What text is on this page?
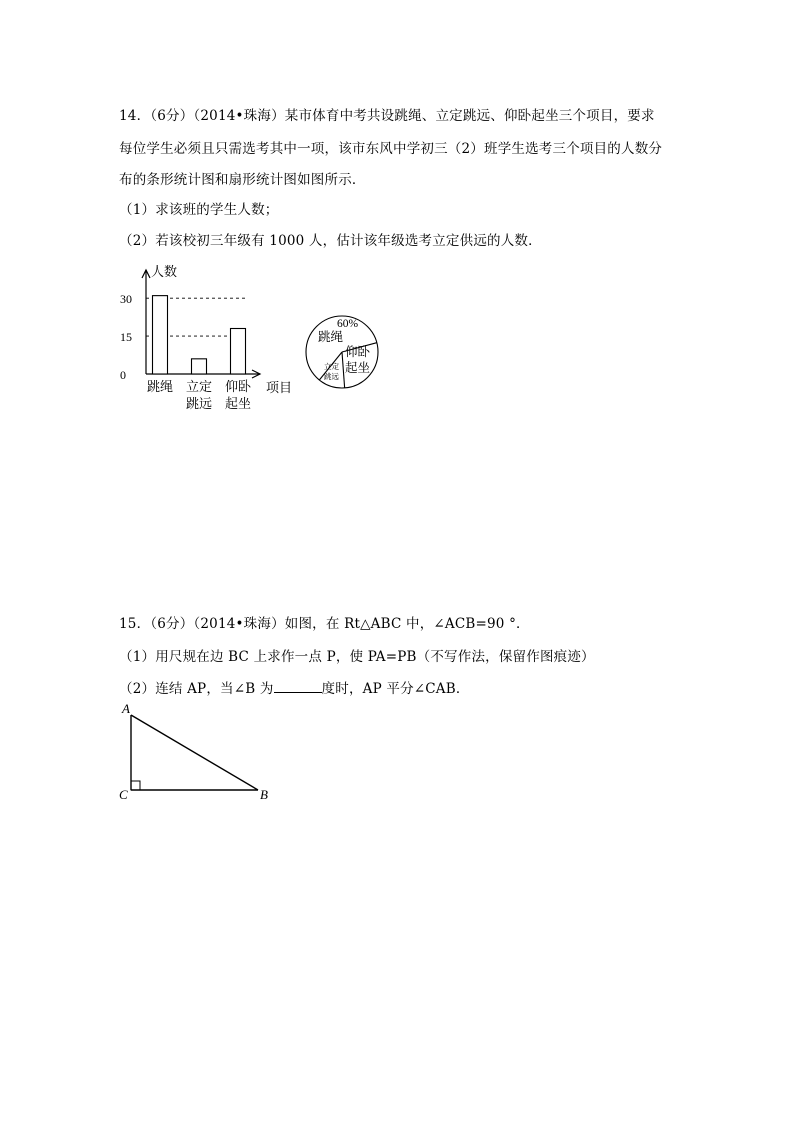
14．（6分）（2014•珠海）某市体育中考共设跳绳、立定跳远、仰卧起坐三个项目，要求
每位学生必须且只需选考其中一项，该市东风中学初三（2）班学生选考三个项目的人数分
布的条形统计图和扇形统计图如图所示．
（1）求该班的学生人数；
（2）若该校初三年级有 1000 人，估计该年级选考立定供远的人数．
人数
项目
30
15
0
跳绳 立定
跳远
仰卧
起坐
60%
跳绳
仰卧
起坐
立定
跳远
15．（6分）（2014•珠海）如图，在 Rt△ABC 中，∠ACB=90 °．
（1）用尺规在边 BC 上求作一点 P，使 PA=PB（不写作法，保留作图痕迹）
（2）连结 AP，当∠B 为	度时，AP 平分∠CAB．
A
C	B
